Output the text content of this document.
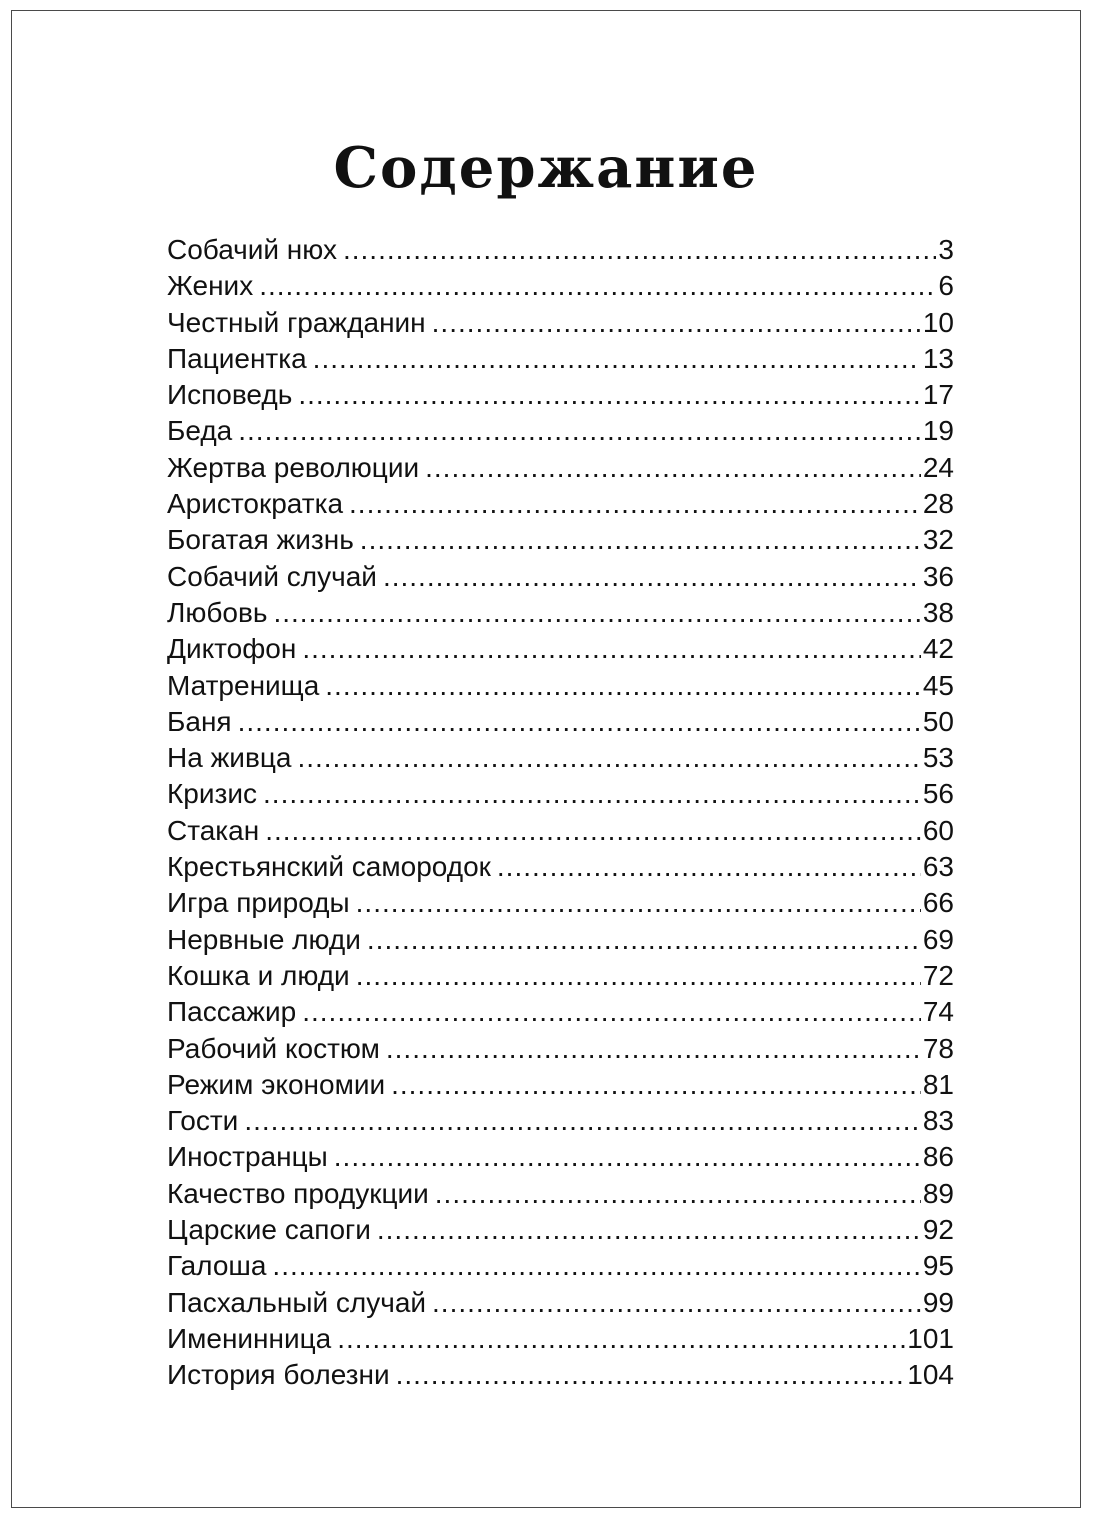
Содержание
Собачий нюх .....	3
Жених .....	6
Честный гражданин .....	10
Пациентка .....	13
Исповедь .....	17
Беда .....	19
Жертва революции .....	24
Аристократка .....	28
Богатая жизнь .....	32
Собачий случай .....	36
Любовь .....	38
Диктофон .....	42
Матренища .....	45
Баня .....	50
На живца .....	53
Кризис .....	56
Стакан .....	60
Крестьянский самородок .....	63
Игра природы .....	66
Нервные люди .....	69
Кошка и люди .....	72
Пассажир .....	74
Рабочий костюм .....	78
Режим экономии .....	81
Гости .....	83
Иностранцы .....	86
Качество продукции .....	89
Царские сапоги .....	92
Галоша .....	95
Пасхальный случай .....	99
Именинница .....	101
История болезни .....	104
